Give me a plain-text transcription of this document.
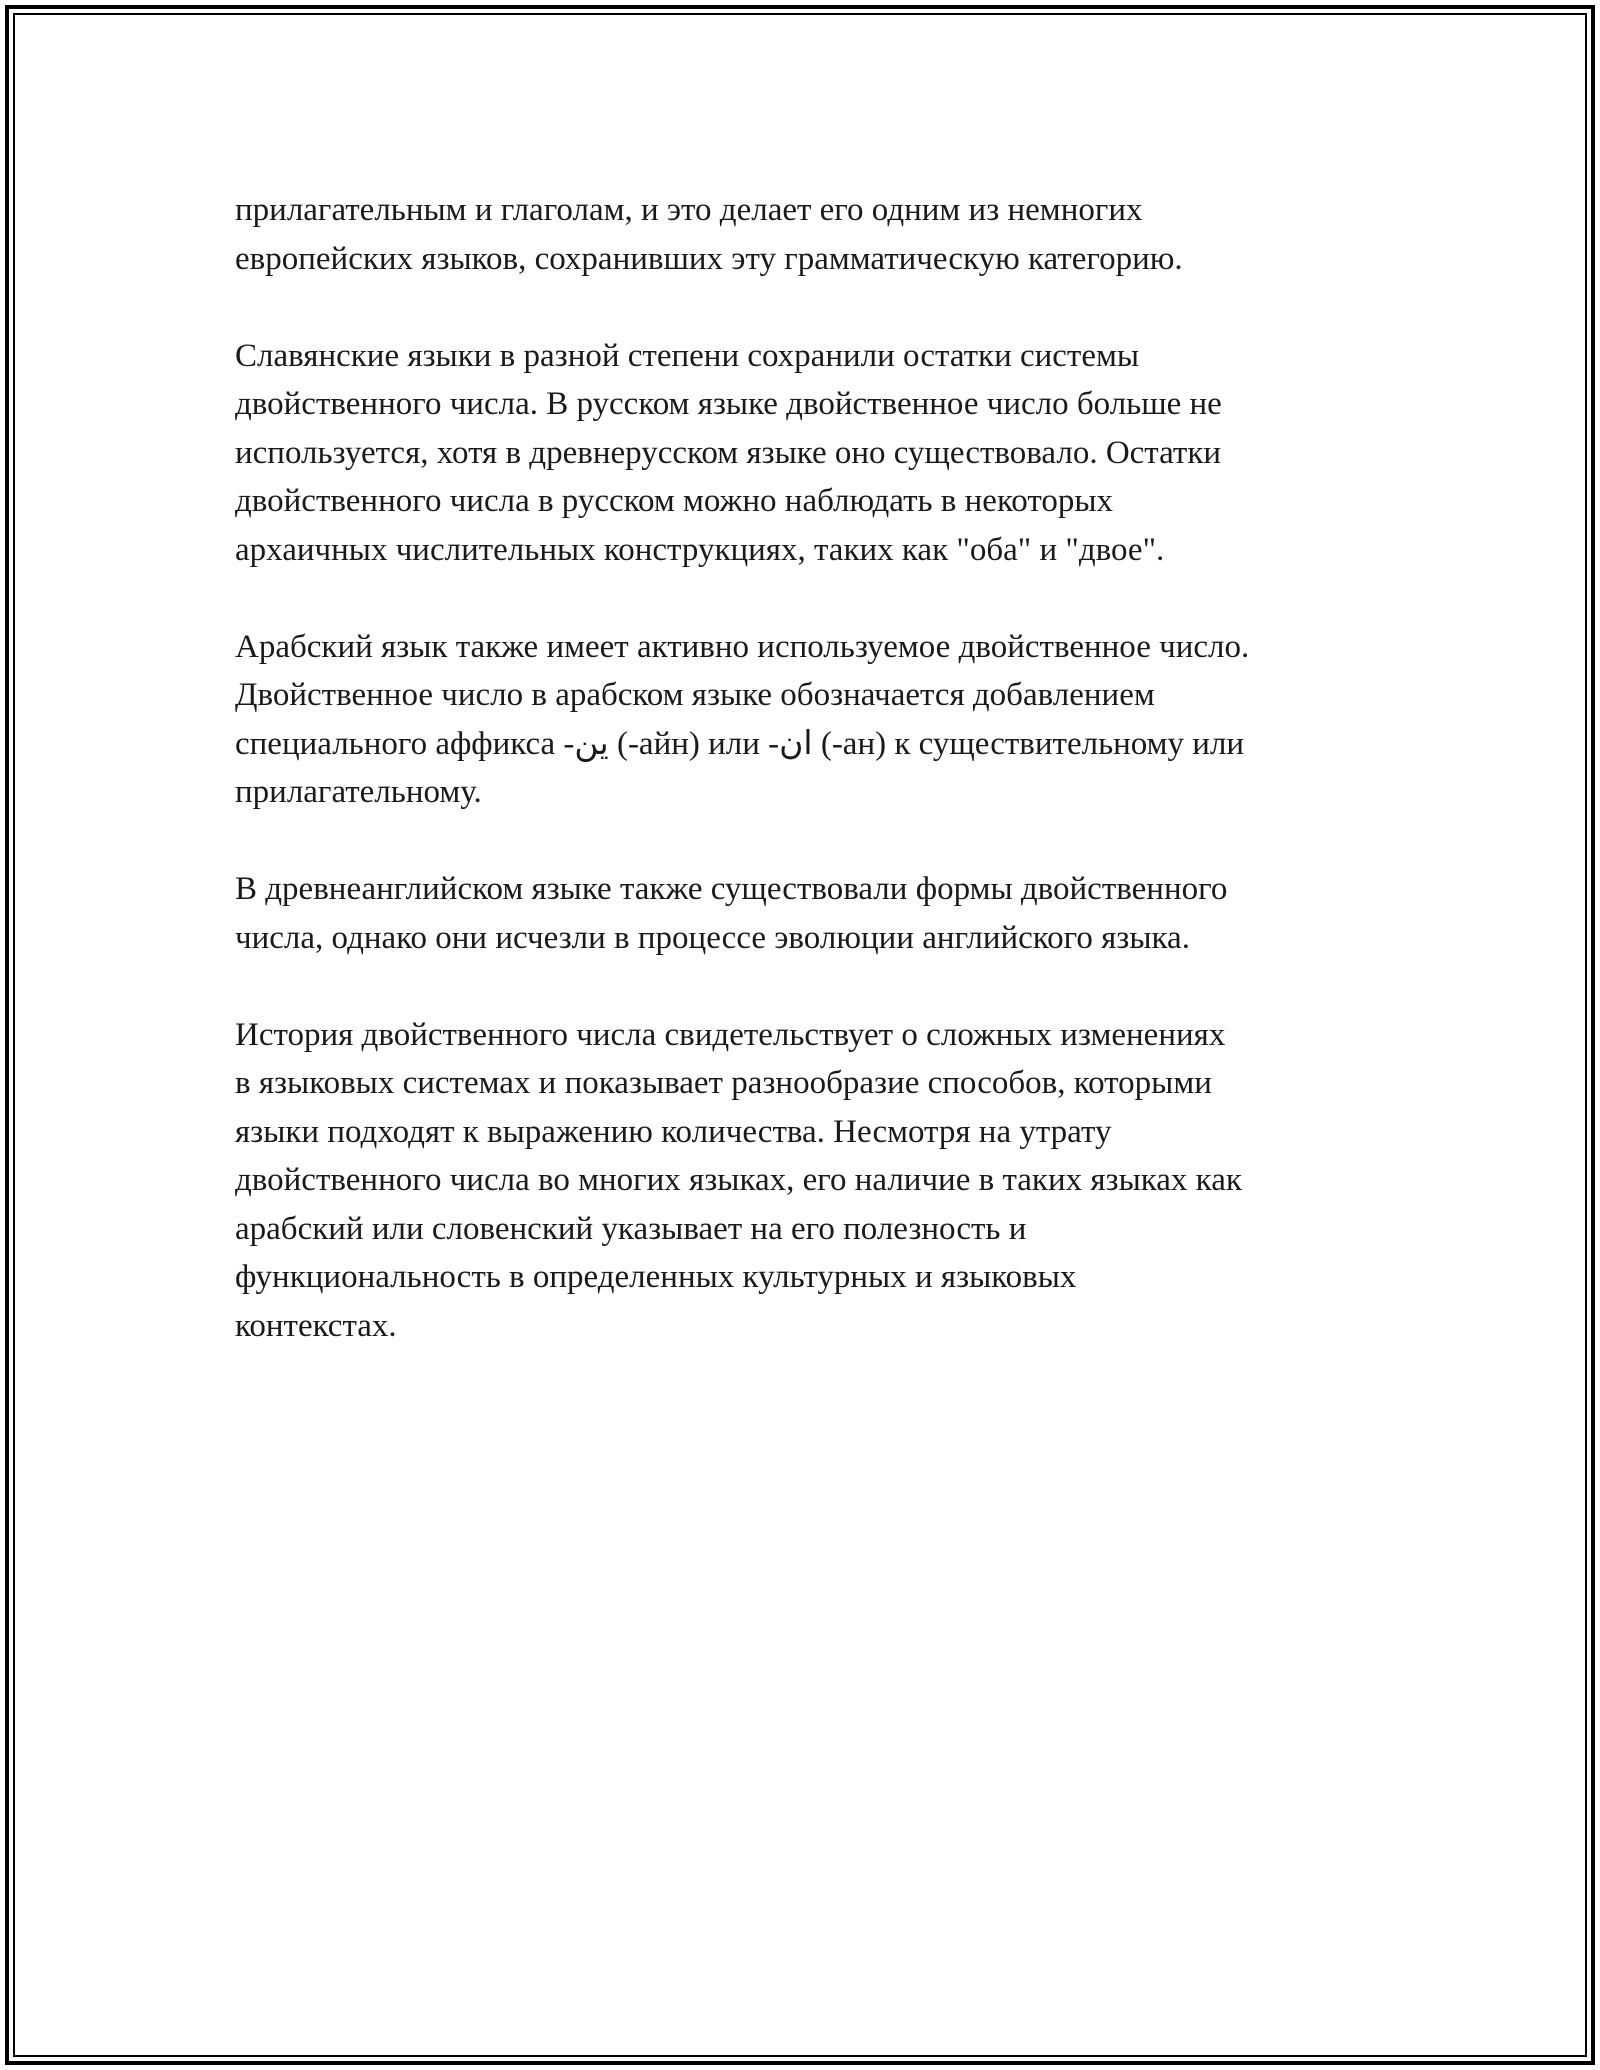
прилагательным и глаголам, и это делает его одним из немногих
европейских языков, сохранивших эту грамматическую категорию.

Славянские языки в разной степени сохранили остатки системы
двойственного числа. В русском языке двойственное число больше не
используется, хотя в древнерусском языке оно существовало. Остатки
двойственного числа в русском можно наблюдать в некоторых
архаичных числительных конструкциях, таких как "оба" и "двое".

Арабский язык также имеет активно используемое двойственное число.
Двойственное число в арабском языке обозначается добавлением
специального аффикса -ين (-айн) или -ان (-ан) к существительному или
прилагательному.

В древнеанглийском языке также существовали формы двойственного
числа, однако они исчезли в процессе эволюции английского языка.

История двойственного числа свидетельствует о сложных изменениях
в языковых системах и показывает разнообразие способов, которыми
языки подходят к выражению количества. Несмотря на утрату
двойственного числа во многих языках, его наличие в таких языках как
арабский или словенский указывает на его полезность и
функциональность в определенных культурных и языковых
контекстах.
